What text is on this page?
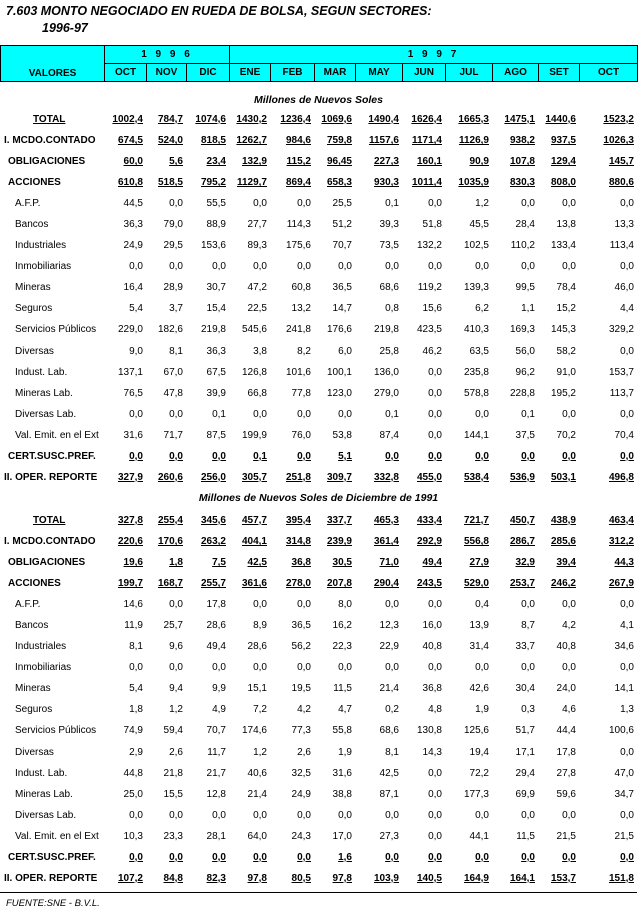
7.603 MONTO NEGOCIADO EN RUEDA DE BOLSA, SEGUN SECTORES:
1996-97
VALORES	1 9 9 6			1 9 9 7								
	OCT	NOV	DIC	ENE	FEB	MAR	MAY	JUN	JUL	AGO	SET	OCT
Millones de Nuevos Soles
TOTAL	1002,4	784,7	1074,6	1430,2	1236,4	1069,6	1490,4	1626,4	1665,3	1475,1	1440,6	1523,2
I. MCDO.CONTADO	674,5	524,0	818,5	1262,7	984,6	759,8	1157,6	1171,4	1126,9	938,2	937,5	1026,3
OBLIGACIONES	60,0	5,6	23,4	132,9	115,2	96,45	227,3	160,1	90,9	107,8	129,4	145,7
ACCIONES	610,8	518,5	795,2	1129,7	869,4	658,3	930,3	1011,4	1035,9	830,3	808,0	880,6
A.F.P.	44,5	0,0	55,5	0,0	0,0	25,5	0,1	0,0	1,2	0,0	0,0	0,0
Bancos	36,3	79,0	88,9	27,7	114,3	51,2	39,3	51,8	45,5	28,4	13,8	13,3
Industriales	24,9	29,5	153,6	89,3	175,6	70,7	73,5	132,2	102,5	110,2	133,4	113,4
Inmobiliarias	0,0	0,0	0,0	0,0	0,0	0,0	0,0	0,0	0,0	0,0	0,0	0,0
Mineras	16,4	28,9	30,7	47,2	60,8	36,5	68,6	119,2	139,3	99,5	78,4	46,0
Seguros	5,4	3,7	15,4	22,5	13,2	14,7	0,8	15,6	6,2	1,1	15,2	4,4
Servicios Públicos	229,0	182,6	219,8	545,6	241,8	176,6	219,8	423,5	410,3	169,3	145,3	329,2
Diversas	9,0	8,1	36,3	3,8	8,2	6,0	25,8	46,2	63,5	56,0	58,2	0,0
Indust. Lab.	137,1	67,0	67,5	126,8	101,6	100,1	136,0	0,0	235,8	96,2	91,0	153,7
Mineras Lab.	76,5	47,8	39,9	66,8	77,8	123,0	279,0	0,0	578,8	228,8	195,2	113,7
Diversas Lab.	0,0	0,0	0,1	0,0	0,0	0,0	0,1	0,0	0,0	0,1	0,0	0,0
Val. Emit. en el Ext	31,6	71,7	87,5	199,9	76,0	53,8	87,4	0,0	144,1	37,5	70,2	70,4
CERT.SUSC.PREF.	0,0	0,0	0,0	0,1	0,0	5,1	0,0	0,0	0,0	0,0	0,0	0,0
II. OPER. REPORTE	327,9	260,6	256,0	305,7	251,8	309,7	332,8	455,0	538,4	536,9	503,1	496,8
Millones de Nuevos Soles de Diciembre de 1991
TOTAL	327,8	255,4	345,6	457,7	395,4	337,7	465,3	433,4	721,7	450,7	438,9	463,4
I. MCDO.CONTADO	220,6	170,6	263,2	404,1	314,8	239,9	361,4	292,9	556,8	286,7	285,6	312,2
OBLIGACIONES	19,6	1,8	7,5	42,5	36,8	30,5	71,0	49,4	27,9	32,9	39,4	44,3
ACCIONES	199,7	168,7	255,7	361,6	278,0	207,8	290,4	243,5	529,0	253,7	246,2	267,9
A.F.P.	14,6	0,0	17,8	0,0	0,0	8,0	0,0	0,0	0,4	0,0	0,0	0,0
Bancos	11,9	25,7	28,6	8,9	36,5	16,2	12,3	16,0	13,9	8,7	4,2	4,1
Industriales	8,1	9,6	49,4	28,6	56,2	22,3	22,9	40,8	31,4	33,7	40,8	34,6
Inmobiliarias	0,0	0,0	0,0	0,0	0,0	0,0	0,0	0,0	0,0	0,0	0,0	0,0
Mineras	5,4	9,4	9,9	15,1	19,5	11,5	21,4	36,8	42,6	30,4	24,0	14,1
Seguros	1,8	1,2	4,9	7,2	4,2	4,7	0,2	4,8	1,9	0,3	4,6	1,3
Servicios Públicos	74,9	59,4	70,7	174,6	77,3	55,8	68,6	130,8	125,6	51,7	44,4	100,6
Diversas	2,9	2,6	11,7	1,2	2,6	1,9	8,1	14,3	19,4	17,1	17,8	0,0
Indust. Lab.	44,8	21,8	21,7	40,6	32,5	31,6	42,5	0,0	72,2	29,4	27,8	47,0
Mineras Lab.	25,0	15,5	12,8	21,4	24,9	38,8	87,1	0,0	177,3	69,9	59,6	34,7
Diversas Lab.	0,0	0,0	0,0	0,0	0,0	0,0	0,0	0,0	0,0	0,0	0,0	0,0
Val. Emit. en el Ext	10,3	23,3	28,1	64,0	24,3	17,0	27,3	0,0	44,1	11,5	21,5	21,5
CERT.SUSC.PREF.	0,0	0,0	0,0	0,0	0,0	1,6	0,0	0,0	0,0	0,0	0,0	0,0
II. OPER. REPORTE	107,2	84,8	82,3	97,8	80,5	97,8	103,9	140,5	164,9	164,1	153,7	151,8
FUENTE:SNE - B.V.L.
